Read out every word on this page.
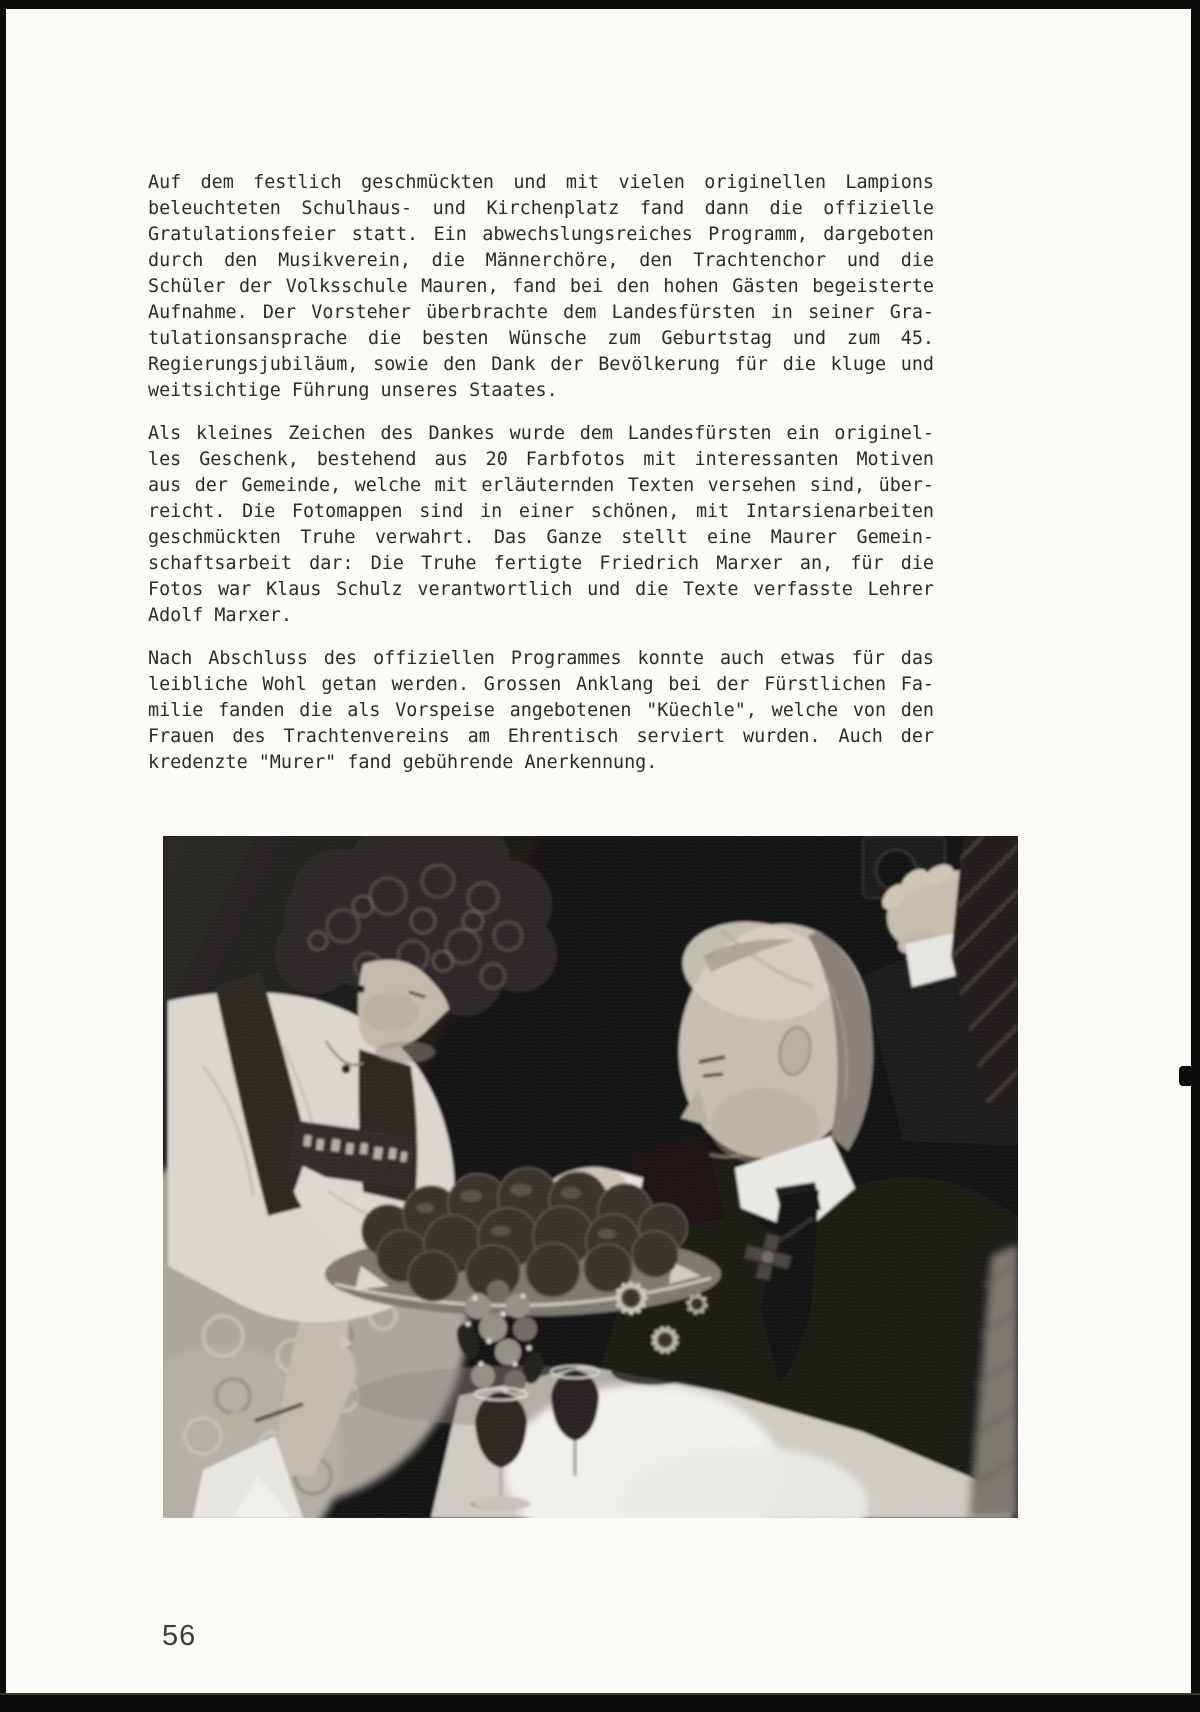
Auf dem festlich geschmückten und mit vielen originellen Lampions
beleuchteten Schulhaus- und Kirchenplatz fand dann die offizielle
Gratulationsfeier statt. Ein abwechslungsreiches Programm, dargeboten
durch den Musikverein, die Männerchöre, den Trachtenchor und die
Schüler der Volksschule Mauren, fand bei den hohen Gästen begeisterte
Aufnahme. Der Vorsteher überbrachte dem Landesfürsten in seiner Gra-
tulationsansprache die besten Wünsche zum Geburtstag und zum 45.
Regierungsjubiläum, sowie den Dank der Bevölkerung für die kluge und
weitsichtige Führung unseres Staates.
Als kleines Zeichen des Dankes wurde dem Landesfürsten ein originel-
les Geschenk, bestehend aus 20 Farbfotos mit interessanten Motiven
aus der Gemeinde, welche mit erläuternden Texten versehen sind, über-
reicht. Die Fotomappen sind in einer schönen, mit Intarsienarbeiten
geschmückten Truhe verwahrt. Das Ganze stellt eine Maurer Gemein-
schaftsarbeit dar: Die Truhe fertigte Friedrich Marxer an, für die
Fotos war Klaus Schulz verantwortlich und die Texte verfasste Lehrer
Adolf Marxer.
Nach Abschluss des offiziellen Programmes konnte auch etwas für das
leibliche Wohl getan werden. Grossen Anklang bei der Fürstlichen Fa-
milie fanden die als Vorspeise angebotenen "Küechle", welche von den
Frauen des Trachtenvereins am Ehrentisch serviert wurden. Auch der
kredenzte "Murer" fand gebührende Anerkennung.
56
